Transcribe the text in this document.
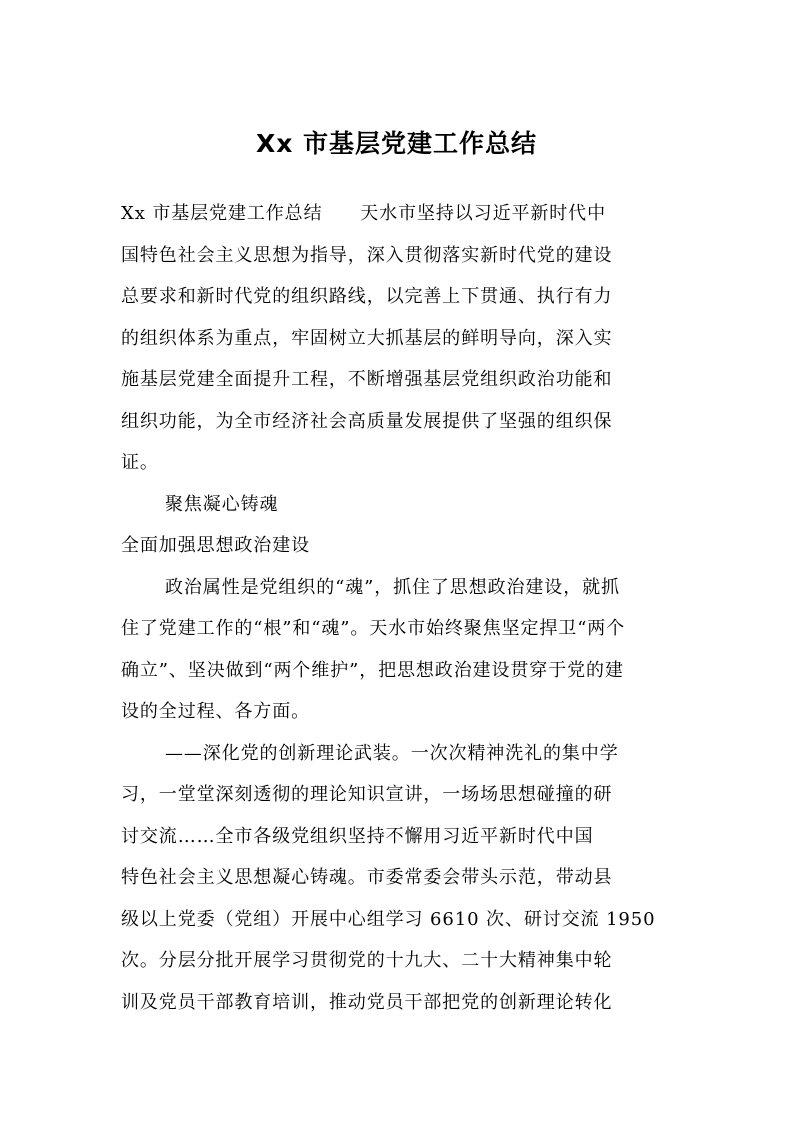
Xx 市基层党建工作总结
Xx 市基层党建工作总结　　天水市坚持以习近平新时代中
国特色社会主义思想为指导，深入贯彻落实新时代党的建设
总要求和新时代党的组织路线，以完善上下贯通、执行有力
的组织体系为重点，牢固树立大抓基层的鲜明导向，深入实
施基层党建全面提升工程，不断增强基层党组织政治功能和
组织功能，为全市经济社会高质量发展提供了坚强的组织保
证。
聚焦凝心铸魂
全面加强思想政治建设
政治属性是党组织的“魂”，抓住了思想政治建设，就抓
住了党建工作的“根”和“魂”。天水市始终聚焦坚定捍卫“两个
确立”、坚决做到“两个维护”，把思想政治建设贯穿于党的建
设的全过程、各方面。
——深化党的创新理论武装。一次次精神洗礼的集中学
习，一堂堂深刻透彻的理论知识宣讲，一场场思想碰撞的研
讨交流……全市各级党组织坚持不懈用习近平新时代中国
特色社会主义思想凝心铸魂。市委常委会带头示范，带动县
级以上党委（党组）开展中心组学习 6610 次、研讨交流 1950
次。分层分批开展学习贯彻党的十九大、二十大精神集中轮
训及党员干部教育培训，推动党员干部把党的创新理论转化
